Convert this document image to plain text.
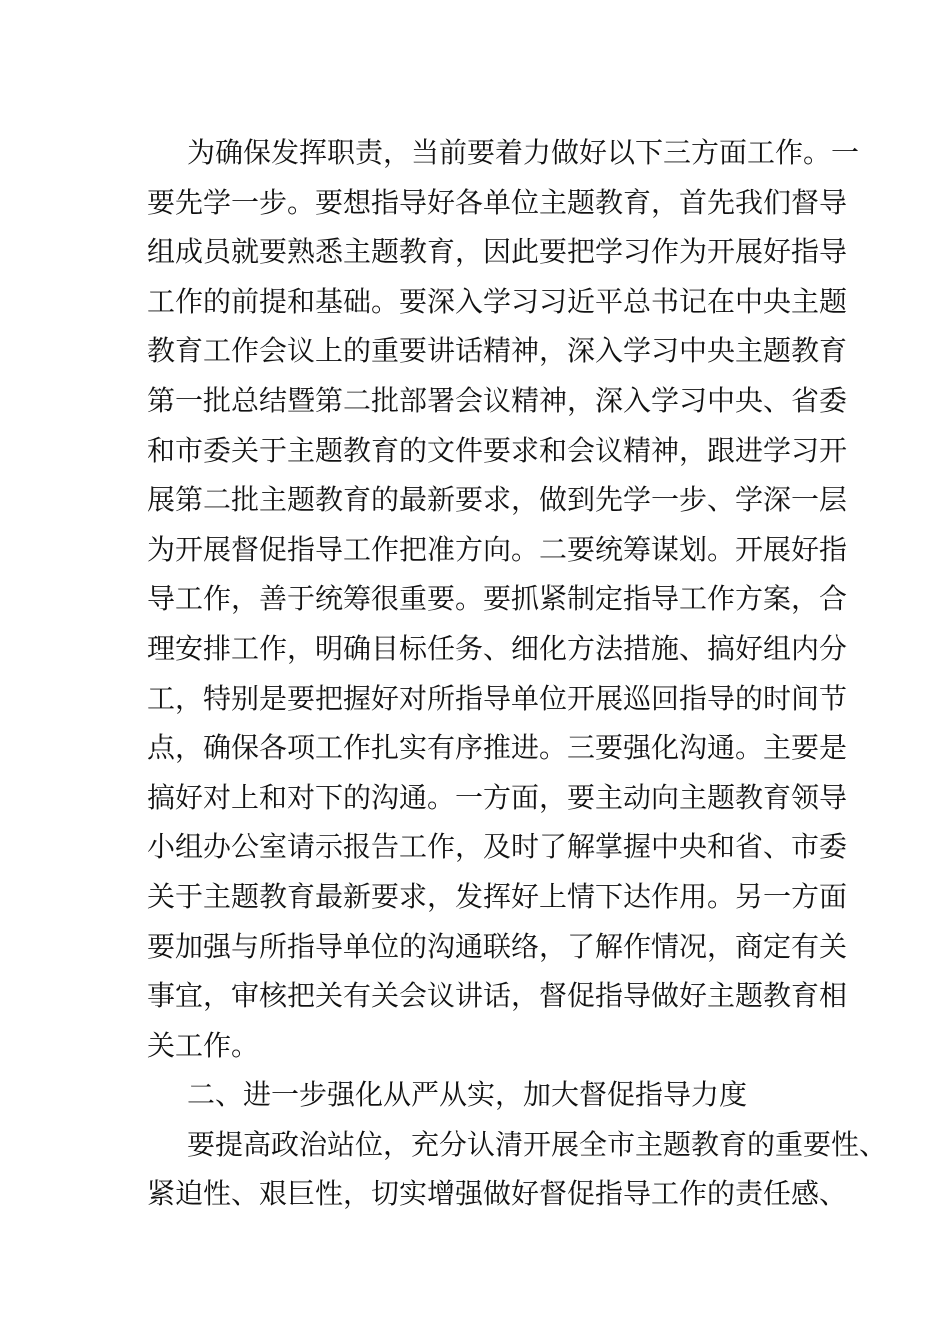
为确保发挥职责，当前要着力做好以下三方面工作。一
要先学一步。要想指导好各单位主题教育，首先我们督导
组成员就要熟悉主题教育，因此要把学习作为开展好指导
工作的前提和基础。要深入学习习近平总书记在中央主题
教育工作会议上的重要讲话精神，深入学习中央主题教育
第一批总结暨第二批部署会议精神，深入学习中央、省委
和市委关于主题教育的文件要求和会议精神，跟进学习开
展第二批主题教育的最新要求，做到先学一步、学深一层
为开展督促指导工作把准方向。二要统筹谋划。开展好指
导工作，善于统筹很重要。要抓紧制定指导工作方案，合
理安排工作，明确目标任务、细化方法措施、搞好组内分
工，特别是要把握好对所指导单位开展巡回指导的时间节
点，确保各项工作扎实有序推进。三要强化沟通。主要是
搞好对上和对下的沟通。一方面，要主动向主题教育领导
小组办公室请示报告工作，及时了解掌握中央和省、市委
关于主题教育最新要求，发挥好上情下达作用。另一方面
要加强与所指导单位的沟通联络，了解作情况，商定有关
事宜，审核把关有关会议讲话，督促指导做好主题教育相
关工作。
二、进一步强化从严从实，加大督促指导力度
要提高政治站位，充分认清开展全市主题教育的重要性、
紧迫性、艰巨性，切实增强做好督促指导工作的责任感、
